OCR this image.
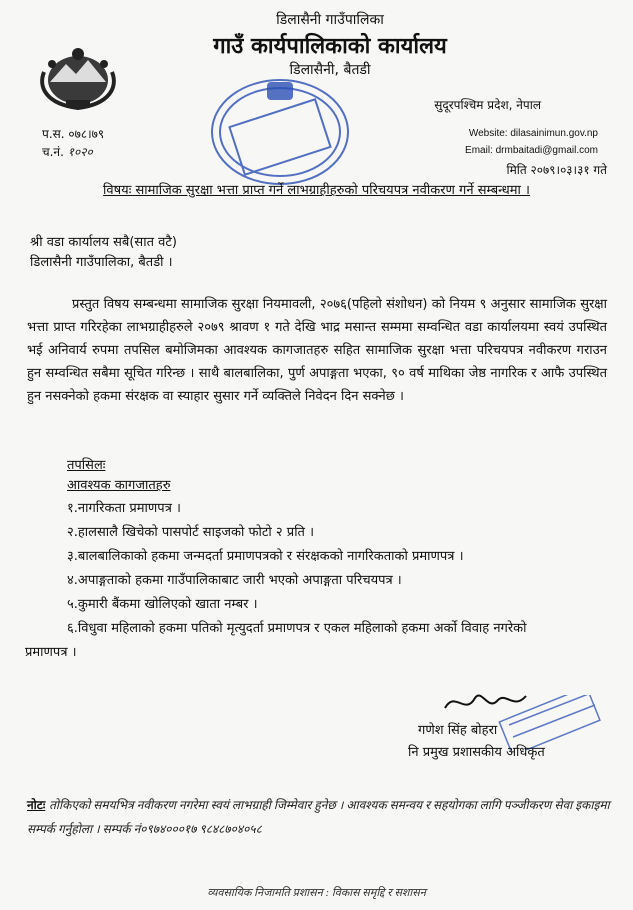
डिलासैनी गाउँपालिका
गाउँ कार्यपालिकाको कार्यालय
डिलासैनी, बैतडी
सुदूरपश्चिम प्रदेश, नेपाल
Website: dilasainimun.gov.np
Email: drmbaitadi@gmail.com
मिति २०७९।०३।३१ गते
प.स. ०७८।७९
च.नं. १०२०
विषयः सामाजिक सुरक्षा भत्ता प्राप्त गर्ने लाभग्राहीहरुको परिचयपत्र नवीकरण गर्ने सम्बन्धमा ।
श्री वडा कार्यालय सबै(सात वटै)
डिलासैनी गाउँपालिका, बैतडी ।
प्रस्तुत विषय सम्बन्धमा सामाजिक सुरक्षा नियमावली, २०७६(पहिलो संशोधन) को नियम ९ अनुसार सामाजिक सुरक्षा भत्ता प्राप्त गरिरहेका लाभग्राहीहरुले २०७९ श्रावण १ गते देखि भाद्र मसान्त सम्ममा सम्वन्धित वडा कार्यालयमा स्वयं उपस्थित भई अनिवार्य रुपमा तपसिल बमोजिमका आवश्यक कागजातहरु सहित सामाजिक सुरक्षा भत्ता परिचयपत्र नवीकरण गराउन हुन सम्वन्धित सबैमा सूचित गरिन्छ । साथै बालबालिका, पुर्ण अपाङ्गता भएका, ९० वर्ष माथिका जेष्ठ नागरिक र आफै उपस्थित हुन नसक्नेको हकमा संरक्षक वा स्याहार सुसार गर्ने व्यक्तिले निवेदन दिन सक्नेछ ।
तपसिलः
आवश्यक कागजातहरु
१.नागरिकता प्रमाणपत्र ।
२.हालसालै खिचेको पासपोर्ट साइजको फोटो २ प्रति ।
३.बालबालिकाको हकमा जन्मदर्ता प्रमाणपत्रको र संरक्षकको नागरिकताको प्रमाणपत्र ।
४.अपाङ्गताको हकमा गाउँपालिकाबाट जारी भएको अपाङ्गता परिचयपत्र ।
५.कुमारी बैंकमा खोलिएको खाता नम्बर ।
६.विधुवा महिलाको हकमा पतिको मृत्युदर्ता प्रमाणपत्र र एकल महिलाको हकमा अर्को विवाह नगरेको
प्रमाणपत्र ।
गणेश सिंह बोहरा
नि प्रमुख प्रशासकीय अधिकृत
नोटः तोकिएको समयभित्र नवीकरण नगरेमा स्वयं लाभग्राही जिम्मेवार हुनेछ । आवश्यक समन्वय र सहयोगका लागि पञ्जीकरण सेवा इकाइमा सम्पर्क गर्नुहोला । सम्पर्क नं०९७४०००१७ ९८४८७०४०५८
व्यवसायिक निजामति प्रशासन : विकास समृद्दि र सशासन
